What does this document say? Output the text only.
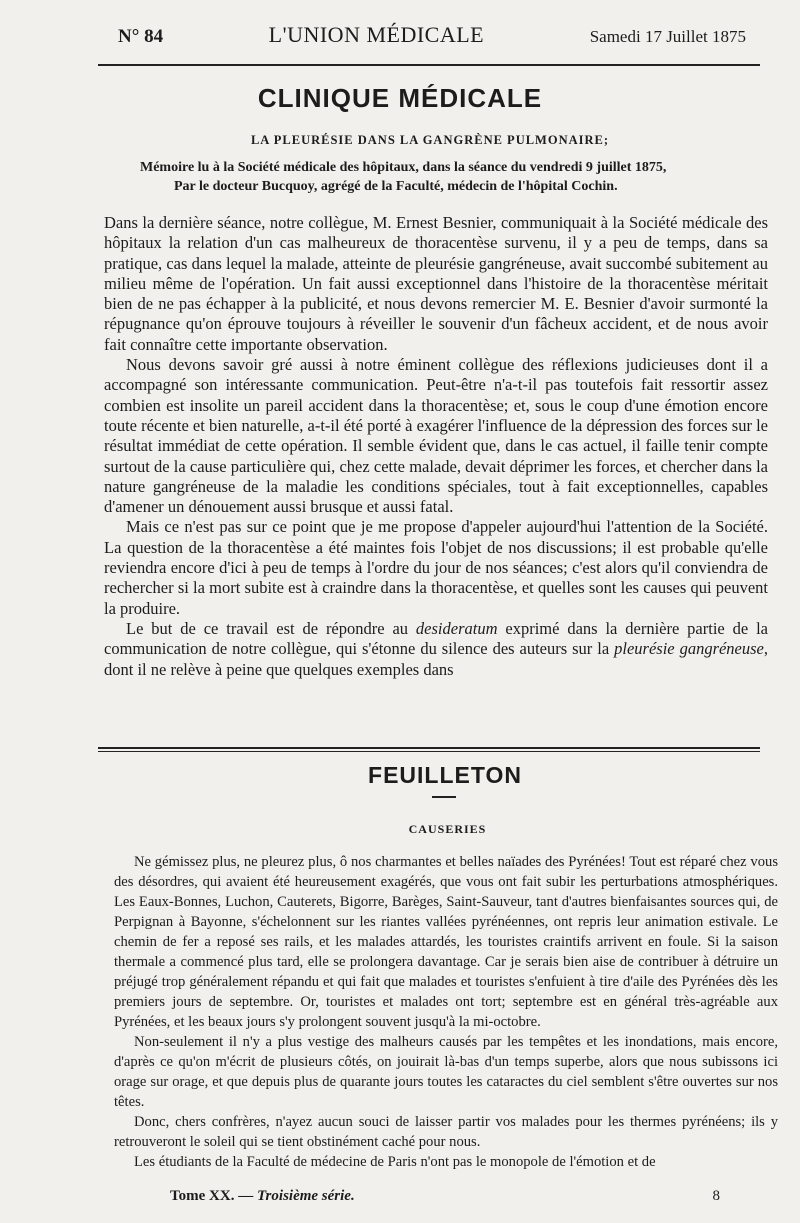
N° 84	L'UNION MÉDICALE	Samedi 17 Juillet 1875
CLINIQUE MÉDICALE
LA PLEURÉSIE DANS LA GANGRÈNE PULMONAIRE;
Mémoire lu à la Société médicale des hôpitaux, dans la séance du vendredi 9 juillet 1875,
Par le docteur Bucquoy, agrégé de la Faculté, médecin de l'hôpital Cochin.

Dans la dernière séance, notre collègue, M. Ernest Besnier, communiquait à la Société médicale des hôpitaux la relation d'un cas malheureux de thoracentèse survenu, il y a peu de temps, dans sa pratique, cas dans lequel la malade, atteinte de pleurésie gangréneuse, avait succombé subitement au milieu même de l'opération. Un fait aussi exceptionnel dans l'histoire de la thoracentèse méritait bien de ne pas échapper à la publicité, et nous devons remercier M. E. Besnier d'avoir surmonté la répugnance qu'on éprouve toujours à réveiller le souvenir d'un fâcheux accident, et de nous avoir fait connaître cette importante observation.

Nous devons savoir gré aussi à notre éminent collègue des réflexions judicieuses dont il a accompagné son intéressante communication. Peut-être n'a-t-il pas toutefois fait ressortir assez combien est insolite un pareil accident dans la thoracentèse; et, sous le coup d'une émotion encore toute récente et bien naturelle, a-t-il été porté à exagérer l'influence de la dépression des forces sur le résultat immédiat de cette opération. Il semble évident que, dans le cas actuel, il faille tenir compte surtout de la cause particulière qui, chez cette malade, devait déprimer les forces, et chercher dans la nature gangréneuse de la maladie les conditions spéciales, tout à fait exceptionnelles, capables d'amener un dénouement aussi brusque et aussi fatal.

Mais ce n'est pas sur ce point que je me propose d'appeler aujourd'hui l'attention de la Société. La question de la thoracentèse a été maintes fois l'objet de nos discussions; il est probable qu'elle reviendra encore d'ici à peu de temps à l'ordre du jour de nos séances; c'est alors qu'il conviendra de rechercher si la mort subite est à craindre dans la thoracentèse, et quelles sont les causes qui peuvent la produire.

Le but de ce travail est de répondre au desideratum exprimé dans la dernière partie de la communication de notre collègue, qui s'étonne du silence des auteurs sur la pleurésie gangréneuse, dont il ne relève à peine que quelques exemples dans

FEUILLETON
CAUSERIES

Ne gémissez plus, ne pleurez plus, ô nos charmantes et belles naïades des Pyrénées! Tout est réparé chez vous des désordres, qui avaient été heureusement exagérés, que vous ont fait subir les perturbations atmosphériques. Les Eaux-Bonnes, Luchon, Cauterets, Bigorre, Barèges, Saint-Sauveur, tant d'autres bienfaisantes sources qui, de Perpignan à Bayonne, s'échelonnent sur les riantes vallées pyrénéennes, ont repris leur animation estivale. Le chemin de fer a reposé ses rails, et les malades attardés, les touristes craintifs arrivent en foule. Si la saison thermale a commencé plus tard, elle se prolongera davantage. Car je serais bien aise de contribuer à détruire un préjugé trop généralement répandu et qui fait que malades et touristes s'enfuient à tire d'aile des Pyrénées dès les premiers jours de septembre. Or, touristes et malades ont tort; septembre est en général très-agréable aux Pyrénées, et les beaux jours s'y prolongent souvent jusqu'à la mi-octobre.

Non-seulement il n'y a plus vestige des malheurs causés par les tempêtes et les inondations, mais encore, d'après ce qu'on m'écrit de plusieurs côtés, on jouirait là-bas d'un temps superbe, alors que nous subissons ici orage sur orage, et que depuis plus de quarante jours toutes les cataractes du ciel semblent s'être ouvertes sur nos têtes.

Donc, chers confrères, n'ayez aucun souci de laisser partir vos malades pour les thermes pyrénéens; ils y retrouveront le soleil qui se tient obstinément caché pour nous.

Les étudiants de la Faculté de médecine de Paris n'ont pas le monopole de l'émotion et de

Tome XX. — Troisième série.	8
